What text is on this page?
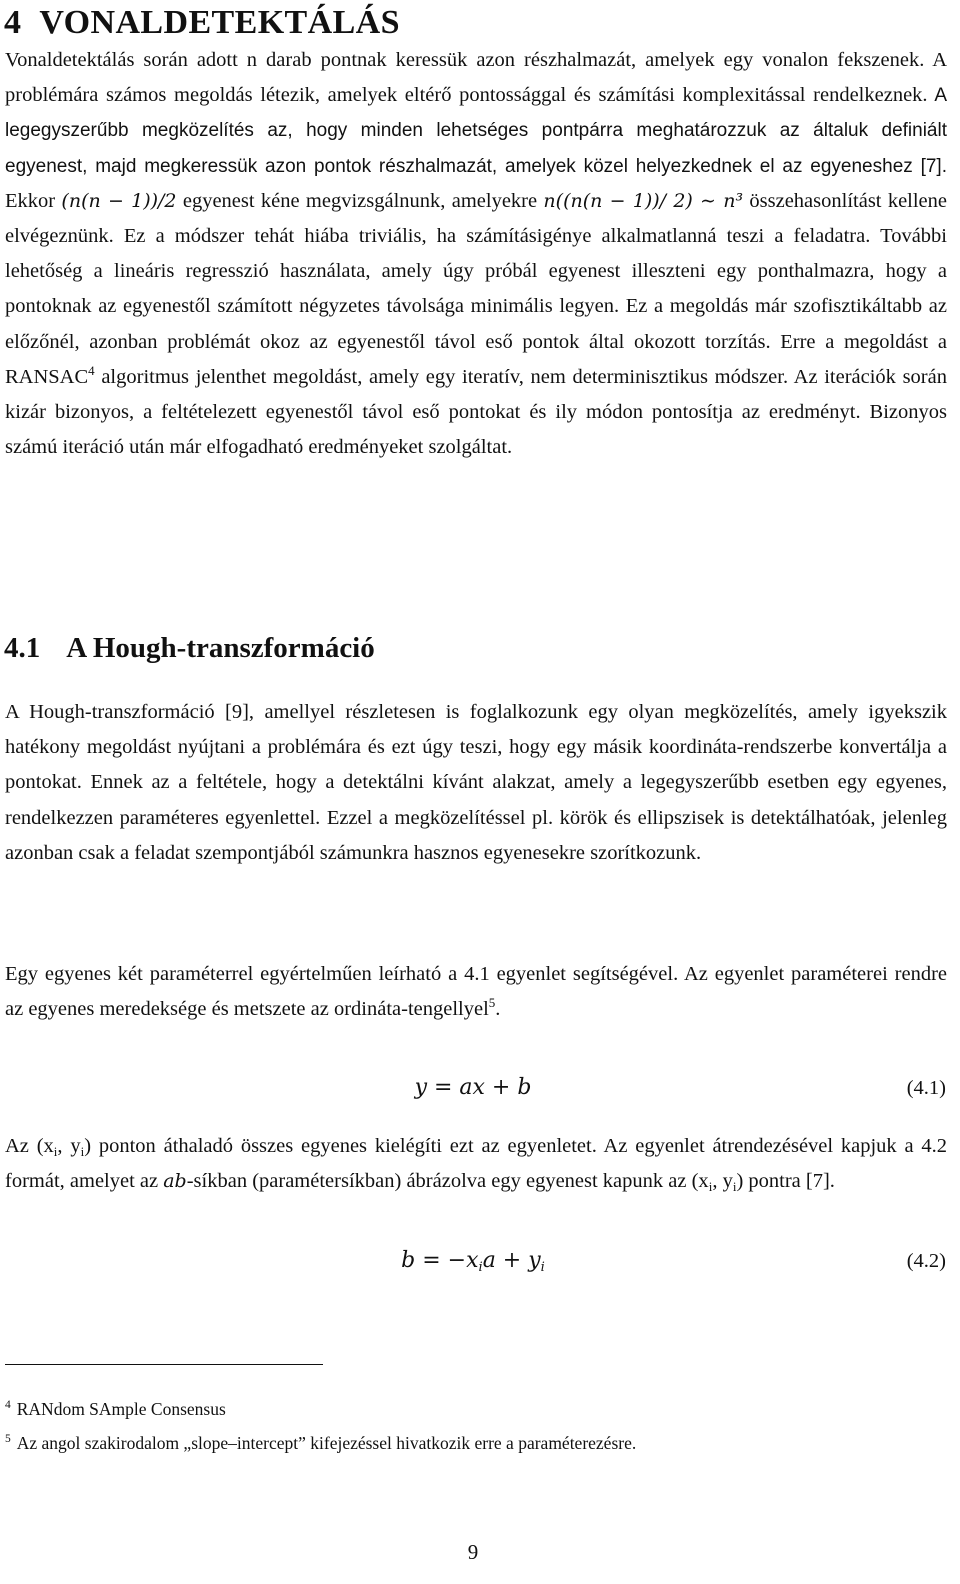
4 VONALDETEKTÁLÁS

Vonaldetektálás során adott n darab pontnak keressük azon részhalmazát, amelyek egy vonalon fekszenek. A problémára számos megoldás létezik, amelyek eltérő pontossággal és számítási komplexitással rendelkeznek. A legegyszerűbb megközelítés az, hogy minden lehetséges pontpárra meghatározzuk az általuk definiált egyenest, majd megkeressük azon pontok részhalmazát, amelyek közel helyezkednek el az egyeneshez [7]. Ekkor (n(n − 1))/2 egyenest kéne megvizsgálnunk, amelyekre n((n(n − 1))/ 2) ∼ n³ összehasonlítást kellene elvégeznünk. Ez a módszer tehát hiába triviális, ha számításigénye alkalmatlanná teszi a feladatra. További lehetőség a lineáris regresszió használata, amely úgy próbál egyenest illeszteni egy ponthalmazra, hogy a pontoknak az egyenestől számított négyzetes távolsága minimális legyen. Ez a megoldás már szofisztikáltabb az előzőnél, azonban problémát okoz az egyenestől távol eső pontok által okozott torzítás. Erre a megoldást a RANSAC$^4$ algoritmus jelenthet megoldást, amely egy iteratív, nem determinisztikus módszer. Az iterációk során kizár bizonyos, a feltételezett egyenestől távol eső pontokat és ily módon pontosítja az eredményt. Bizonyos számú iteráció után már elfogadható eredményeket szolgáltat.

4.1 A Hough-transzformáció

A Hough-transzformáció [9], amellyel részletesen is foglalkozunk egy olyan megközelítés, amely igyekszik hatékony megoldást nyújtani a problémára és ezt úgy teszi, hogy egy másik koordináta-rendszerbe konvertálja a pontokat. Ennek az a feltétele, hogy a detektálni kívánt alakzat, amely a legegyszerűbb esetben egy egyenes, rendelkezzen paraméteres egyenlettel. Ezzel a megközelítéssel pl. körök és ellipszisek is detektálhatóak, jelenleg azonban csak a feladat szempontjából számunkra hasznos egyenesekre szorítkozunk.

Egy egyenes két paraméterrel egyértelműen leírható a 4.1 egyenlet segítségével. Az egyenlet paraméterei rendre az egyenes meredeksége és metszete az ordináta-tengellyel$^5$.

y = ax + b	(4.1)

Az ($x_i$, $y_i$) ponton áthaladó összes egyenes kielégíti ezt az egyenletet. Az egyenlet átrendezésével kapjuk a 4.2 formát, amelyet az ab-síkban (paramétersíkban) ábrázolva egy egyenest kapunk az ($x_i$, $y_i$) pontra [7].

$b = -x_ia + y_i$	(4.2)

$^4$ RANdom SAmple Consensus

$^5$ Az angol szakirodalom „slope–intercept” kifejezéssel hivatkozik erre a paraméterezésre.

9
